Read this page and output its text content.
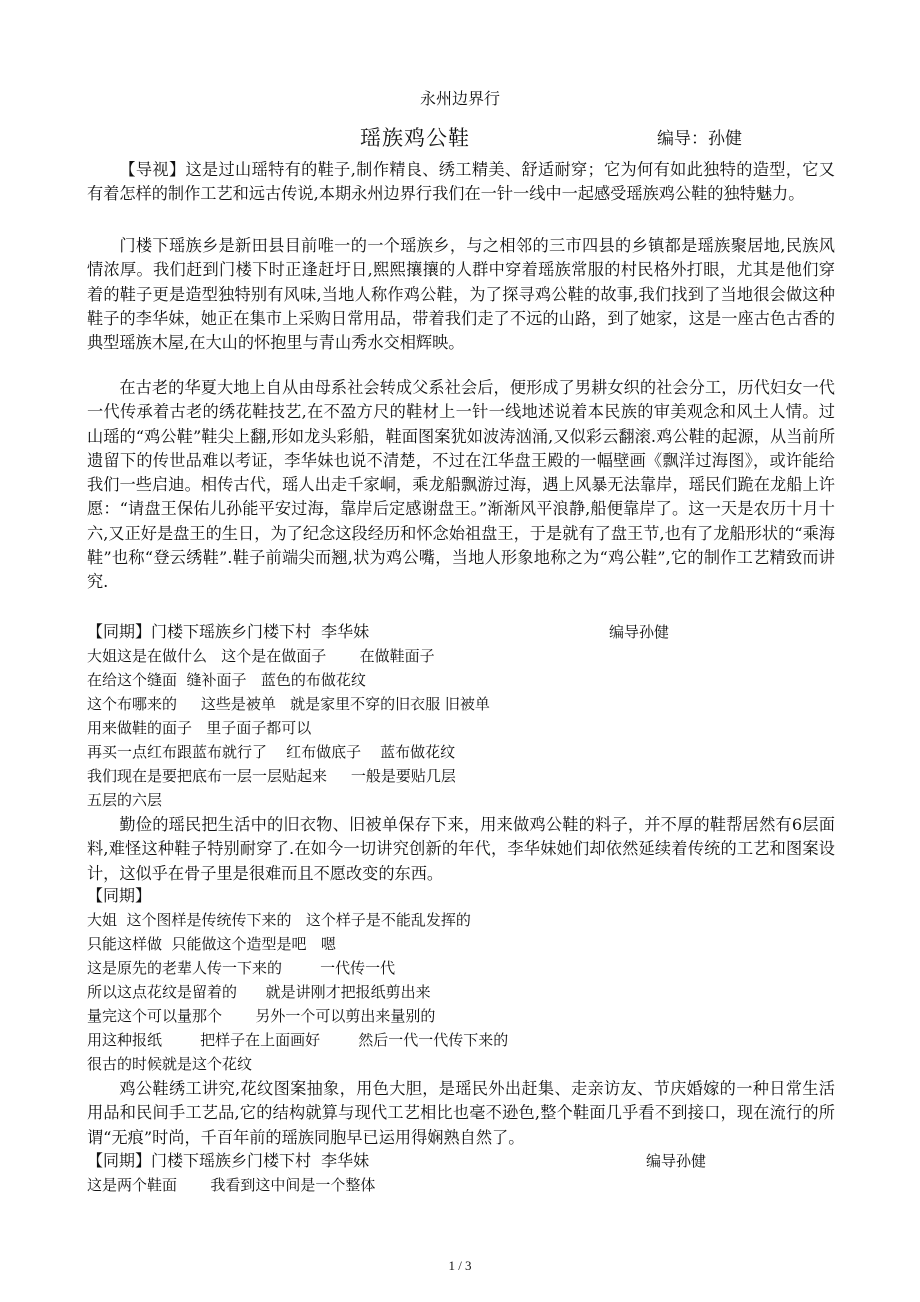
永州边界行
瑶族鸡公鞋	编导：孙健

【导视】这是过山瑶特有的鞋子,制作精良、绣工精美、舒适耐穿；它为何有如此独特的造型，它又有着怎样的制作工艺和远古传说,本期永州边界行我们在一针一线中一起感受瑶族鸡公鞋的独特魅力。

门楼下瑶族乡是新田县目前唯一的一个瑶族乡，与之相邻的三市四县的乡镇都是瑶族聚居地,民族风情浓厚。我们赶到门楼下时正逢赶圩日,熙熙攘攘的人群中穿着瑶族常服的村民格外打眼，尤其是他们穿着的鞋子更是造型独特别有风味,当地人称作鸡公鞋，为了探寻鸡公鞋的故事,我们找到了当地很会做这种鞋子的李华妹，她正在集市上采购日常用品，带着我们走了不远的山路，到了她家，这是一座古色古香的典型瑶族木屋,在大山的怀抱里与青山秀水交相辉映。

在古老的华夏大地上自从由母系社会转成父系社会后，便形成了男耕女织的社会分工，历代妇女一代一代传承着古老的绣花鞋技艺,在不盈方尺的鞋材上一针一线地述说着本民族的审美观念和风土人情。过山瑶的“鸡公鞋”鞋尖上翻,形如龙头彩船，鞋面图案犹如波涛汹涌,又似彩云翻滚.鸡公鞋的起源，从当前所遗留下的传世品难以考证，李华妹也说不清楚，不过在江华盘王殿的一幅壁画《飘洋过海图》，或许能给我们一些启迪。相传古代，瑶人出走千家峒，乘龙船飘游过海，遇上风暴无法靠岸，瑶民们跪在龙船上许愿：“请盘王保佑儿孙能平安过海，靠岸后定感谢盘王。”渐渐风平浪静,船便靠岸了。这一天是农历十月十六,又正好是盘王的生日，为了纪念这段经历和怀念始祖盘王，于是就有了盘王节,也有了龙船形状的“乘海鞋”也称“登云绣鞋”.鞋子前端尖而翘,状为鸡公嘴，当地人形象地称之为“鸡公鞋”,它的制作工艺精致而讲究.

【同期】门楼下瑶族乡门楼下村  李华妹	编导孙健
大姐这是在做什么   这个是在做面子       在做鞋面子
在给这个缝面  缝补面子   蓝色的布做花纹
这个布哪来的     这些是被单   就是家里不穿的旧衣服 旧被单
用来做鞋的面子   里子面子都可以
再买一点红布跟蓝布就行了    红布做底子    蓝布做花纹
我们现在是要把底布一层一层贴起来     一般是要贴几层
五层的六层

勤俭的瑶民把生活中的旧衣物、旧被单保存下来，用来做鸡公鞋的料子，并不厚的鞋帮居然有6层面料,难怪这种鞋子特别耐穿了.在如今一切讲究创新的年代，李华妹她们却依然延续着传统的工艺和图案设计，这似乎在骨子里是很难而且不愿改变的东西。

【同期】
大姐  这个图样是传统传下来的   这个样子是不能乱发挥的
只能这样做  只能做这个造型是吧   嗯
这是原先的老辈人传一下来的        一代传一代
所以这点花纹是留着的      就是讲刚才把报纸剪出来
量完这个可以量那个       另外一个可以剪出来量别的
用这种报纸        把样子在上面画好        然后一代一代传下来的
很古的时候就是这个花纹

鸡公鞋绣工讲究,花纹图案抽象，用色大胆，是瑶民外出赶集、走亲访友、节庆婚嫁的一种日常生活用品和民间手工艺品,它的结构就算与现代工艺相比也毫不逊色,整个鞋面几乎看不到接口，现在流行的所谓“无痕”时尚，千百年前的瑶族同胞早已运用得娴熟自然了。

【同期】门楼下瑶族乡门楼下村  李华妹	编导孙健
这是两个鞋面       我看到这中间是一个整体
1 / 3
